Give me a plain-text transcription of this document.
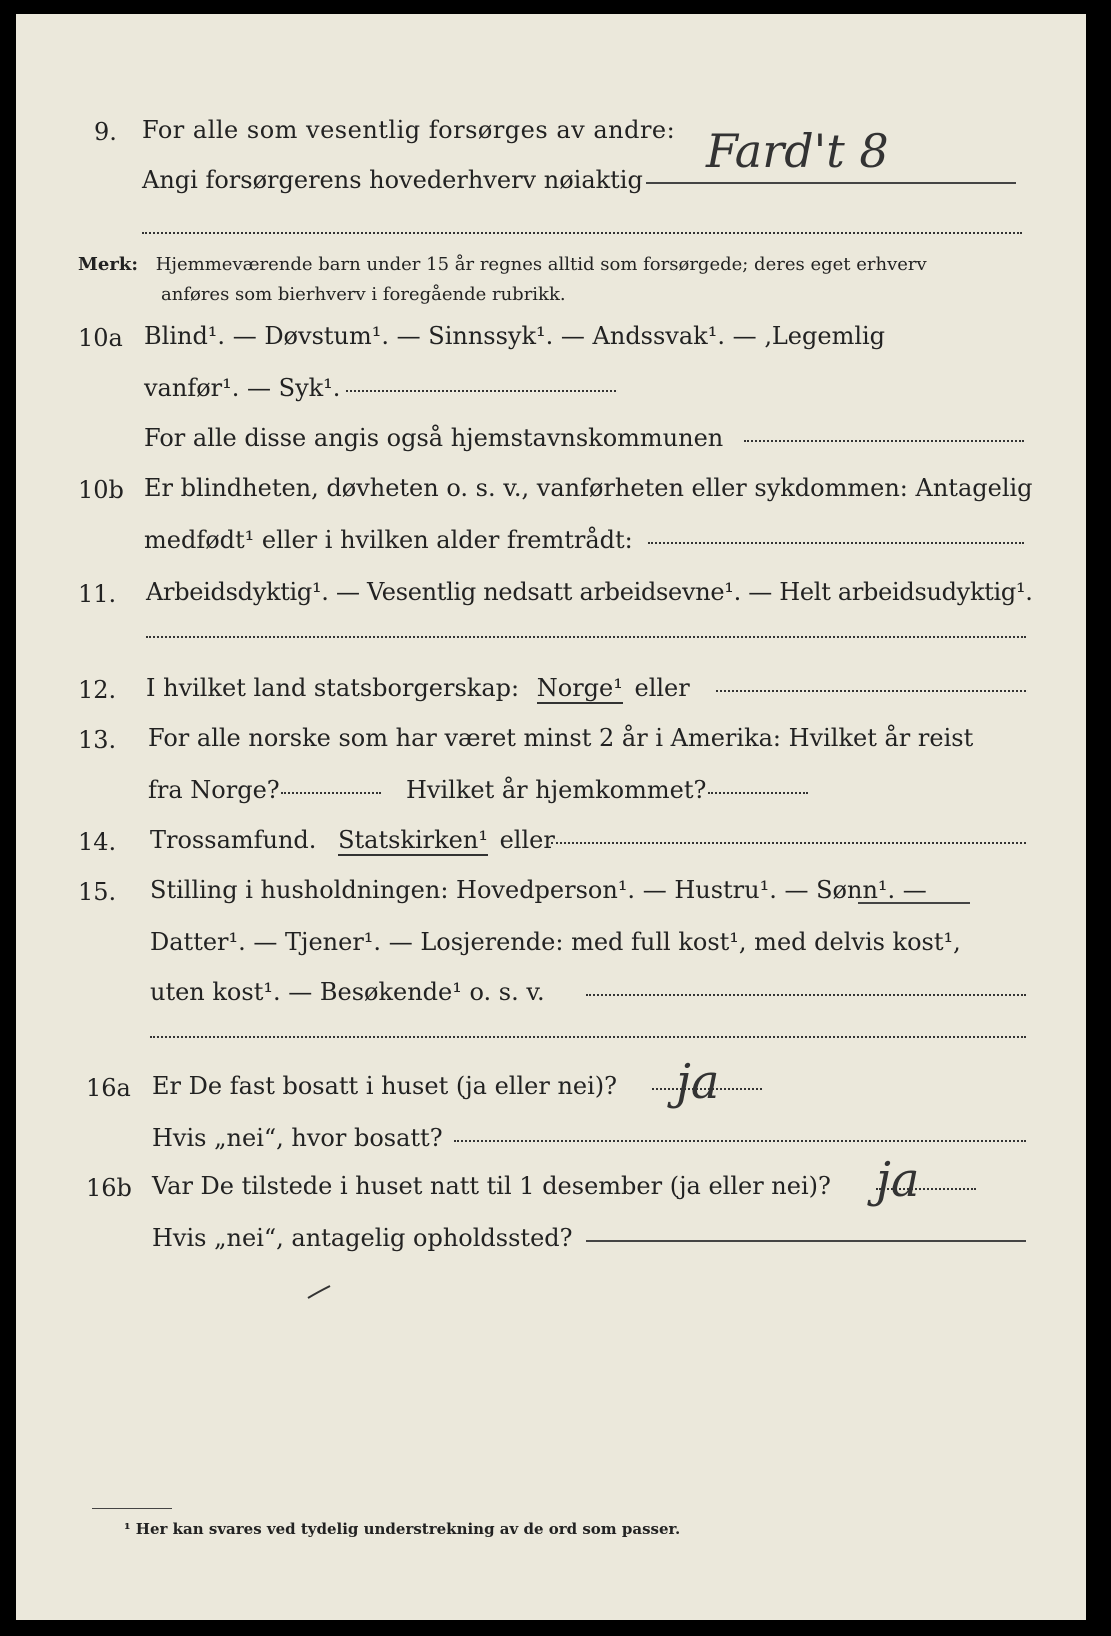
9. For alle som vesentlig forsørges av andre: Fard't 8
Angi forsørgerens hovederhverv nøiaktig
Merk: Hjemmeværende barn under 15 år regnes alltid som forsørgede; deres eget erhverv
anføres som bierhverv i foregående rubrikk.
10a Blind¹. — Døvstum¹. — Sinnssyk¹. — Andssvak¹. — ‚Legemlig
vanfør¹. — Syk¹.
For alle disse angis også hjemstavnskommunen
10b Er blindheten, døvheten o. s. v., vanførheten eller sykdommen: Antagelig
medfødt¹ eller i hvilken alder fremtrådt:
11. Arbeidsdyktig¹. — Vesentlig nedsatt arbeidsevne¹. — Helt arbeidsudyktig¹.
12. I hvilket land statsborgerskap: Norge¹ eller
13. For alle norske som har været minst 2 år i Amerika: Hvilket år reist
fra Norge?	Hvilket år hjemkommet?
14. Trossamfund. Statskirken¹ eller
15. Stilling i husholdningen: Hovedperson¹. — Hustru¹. — Sønn¹. —
Datter¹. — Tjener¹. — Losjerende: med full kost¹, med delvis kost¹,
uten kost¹. — Besøkende¹ o. s. v.
16a Er De fast bosatt i huset (ja eller nei)? ja
Hvis „nei“, hvor bosatt?
16b Var De tilstede i huset natt til 1 desember (ja eller nei)? ja
Hvis „nei“, antagelig opholdssted?
¹ Her kan svares ved tydelig understrekning av de ord som passer.
